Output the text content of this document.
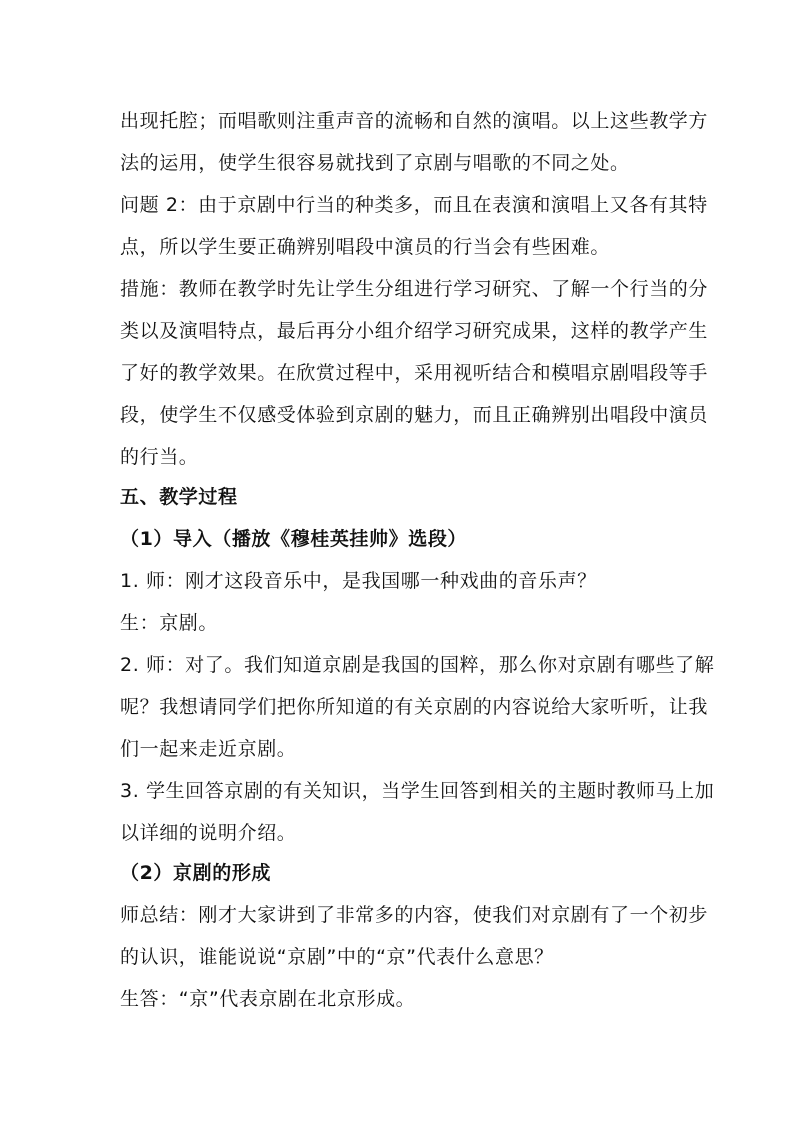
出现托腔；而唱歌则注重声音的流畅和自然的演唱。以上这些教学方
法的运用，使学生很容易就找到了京剧与唱歌的不同之处。
问题 2：由于京剧中行当的种类多，而且在表演和演唱上又各有其特
点，所以学生要正确辨别唱段中演员的行当会有些困难。
措施：教师在教学时先让学生分组进行学习研究、了解一个行当的分
类以及演唱特点，最后再分小组介绍学习研究成果，这样的教学产生
了好的教学效果。在欣赏过程中，采用视听结合和模唱京剧唱段等手
段，使学生不仅感受体验到京剧的魅力，而且正确辨别出唱段中演员
的行当。
五、教学过程
（1）导入（播放《穆桂英挂帅》选段）
1. 师：刚才这段音乐中，是我国哪一种戏曲的音乐声？
生：京剧。
2. 师：对了。我们知道京剧是我国的国粹，那么你对京剧有哪些了解
呢？我想请同学们把你所知道的有关京剧的内容说给大家听听，让我
们一起来走近京剧。
3. 学生回答京剧的有关知识，当学生回答到相关的主题时教师马上加
以详细的说明介绍。
（2）京剧的形成
师总结：刚才大家讲到了非常多的内容，使我们对京剧有了一个初步
的认识，谁能说说“京剧”中的“京”代表什么意思？
生答：“京”代表京剧在北京形成。
